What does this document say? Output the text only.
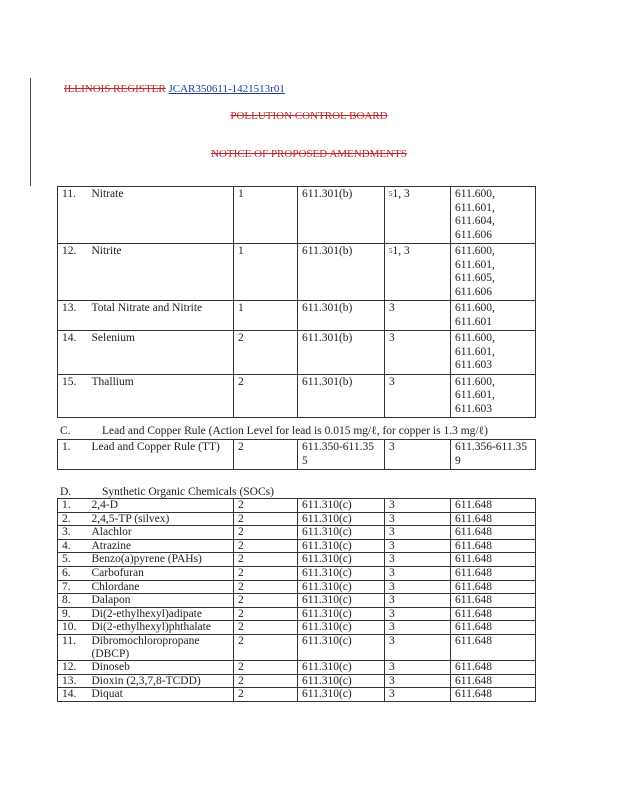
ILLINOIS REGISTER JCAR350611-1421513r01
POLLUTION CONTROL BOARD
NOTICE OF PROPOSED AMENDMENTS
11.	Nitrate	1	611.301(b)	$^5$1, 3	611.600,
611.601,
611.604,
611.606
12.	Nitrite	1	611.301(b)	$^5$1, 3	611.600,
611.601,
611.605,
611.606
13.	Total Nitrate and Nitrite	1	611.301(b)	3	611.600,
611.601
14.	Selenium	2	611.301(b)	3	611.600,
611.601,
611.603
15.	Thallium	2	611.301(b)	3	611.600,
611.601,
611.603
C.	Lead and Copper Rule (Action Level for lead is 0.015 mg/ℓ, for copper is 1.3 mg/ℓ)
1.	Lead and Copper Rule (TT)	2	611.350-611.35
5	3	611.356-611.35
9
D.	Synthetic Organic Chemicals (SOCs)
1.	2,4-D	2	611.310(c)	3	611.648
2.	2,4,5-TP (silvex)	2	611.310(c)	3	611.648
3.	Alachlor	2	611.310(c)	3	611.648
4.	Atrazine	2	611.310(c)	3	611.648
5.	Benzo(a)pyrene (PAHs)	2	611.310(c)	3	611.648
6.	Carbofuran	2	611.310(c)	3	611.648
7.	Chlordane	2	611.310(c)	3	611.648
8.	Dalapon	2	611.310(c)	3	611.648
9.	Di(2-ethylhexyl)adipate	2	611.310(c)	3	611.648
10.	Di(2-ethylhexyl)phthalate	2	611.310(c)	3	611.648
11.	Dibromochloropropane
(DBCP)	2	611.310(c)	3	611.648
12.	Dinoseb	2	611.310(c)	3	611.648
13.	Dioxin (2,3,7,8-TCDD)	2	611.310(c)	3	611.648
14.	Diquat	2	611.310(c)	3	611.648
